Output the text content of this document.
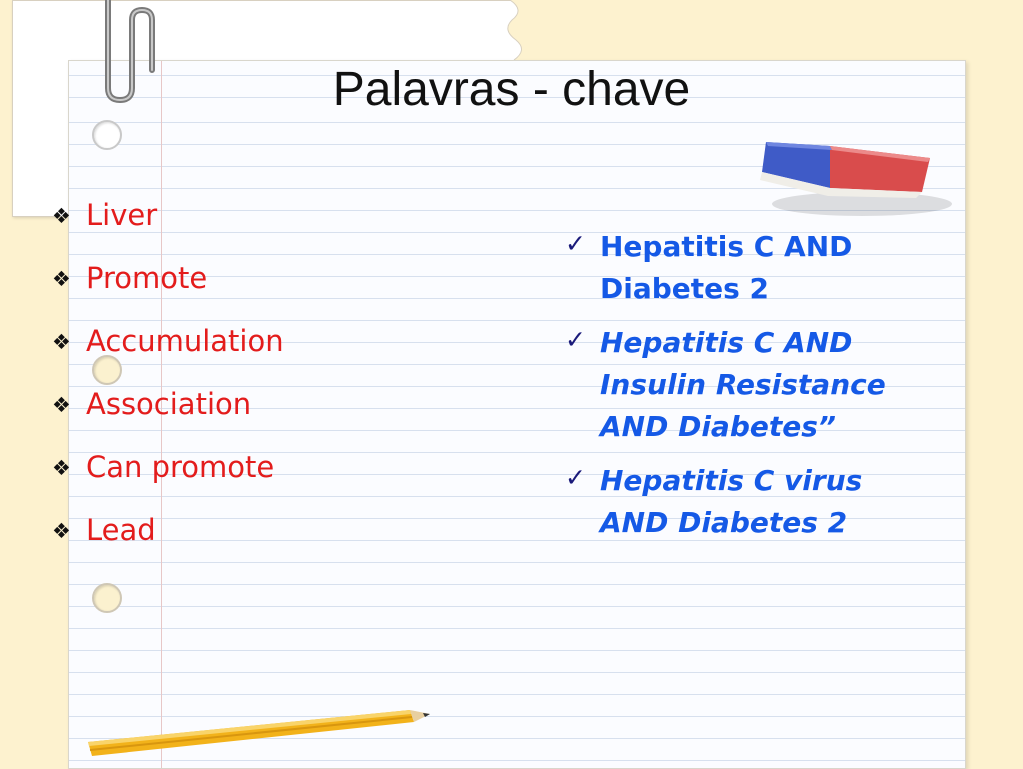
Palavras - chave
❖ Liver
❖ Promote
❖ Accumulation
❖ Association
❖ Can promote
❖ Lead
✓ Hepatitis C AND
Diabetes 2
✓ Hepatitis C AND
Insulin Resistance
AND Diabetes”
✓ Hepatitis C virus
AND Diabetes 2
